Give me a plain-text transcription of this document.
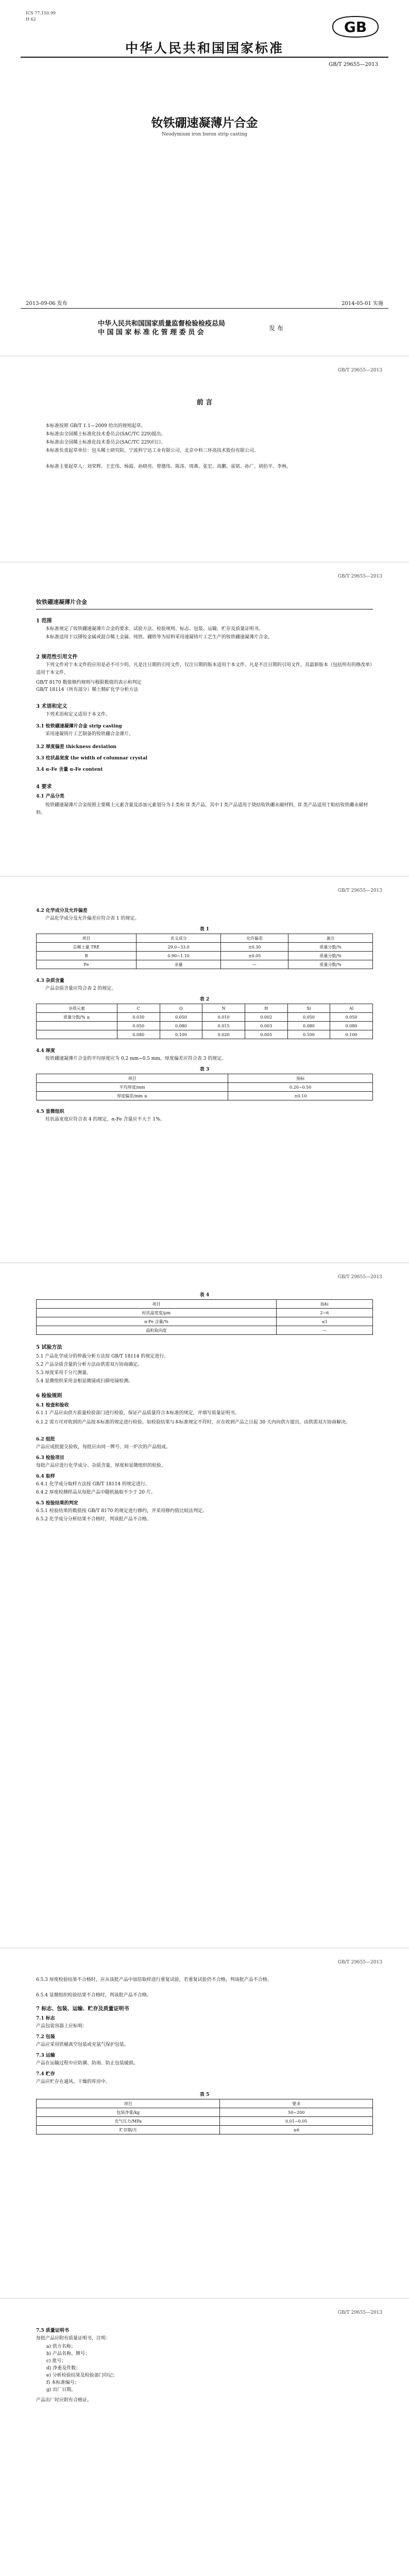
ICS 77.150.99
H 62	GB
中华人民共和国国家标准
GB/T 29655—2013
钕铁硼速凝薄片合金
Neodymium iron boron strip casting
2013-09-06 发布	2014-05-01 实施
中华人民共和国国家质量监督检验检疫总局
中 国 国 家 标 准 化 管 理 委 员 会
发 布
GB/T 29655—2013
前 言
本标准按照 GB/T 1.1—2009 给出的规则起草。
本标准由全国稀土标准化技术委员会(SAC/TC 229)提出。
本标准由全国稀土标准化技术委员会(SAC/TC 229)归口。
本标准负责起草单位：包头稀土研究院、宁波科宁达工业有限公司、北京中科三环高技术股份有限公司。
本标准主要起草人：刘荣辉、王宏伟、杨霞、孙晓亮、曾德伟、陈涛、周燕、张宏、高鹏、雷铭、孙广、胡伯平、李林。
GB/T 29655—2013
钕铁硼速凝薄片合金
1 范围
本标准规定了钕铁硼速凝薄片合金的要求、试验方法、检验规则、标志、包装、运输、贮存及质量证明书。
本标准适用于以镨钕金属或混合稀土金属、纯铁、硼铁等为原料采用速凝铸片工艺生产的钕铁硼速凝薄片合金。
2 规范性引用文件
下列文件对于本文件的应用是必不可少的。凡是注日期的引用文件，仅注日期的版本适用于本文件。凡是不注日期的引用文件，其最新版本（包括所有的修改单）适用于本文件。
GB/T 8170 数值修约规则与极限数值的表示和判定
GB/T 18114（所有部分）稀土精矿化学分析方法
3 术语和定义
下列术语和定义适用于本文件。
3.1 钕铁硼速凝薄片合金 strip casting
采用速凝铸片工艺制备的钕铁硼合金薄片。
3.2 厚度偏差 thickness deviation
3.3 柱状晶宽度 the width of columnar crystal
3.4 α-Fe 含量 α-Fe content
4 要求
4.1 产品分类
钕铁硼速凝薄片合金按照主要稀土元素含量及添加元素划分为 I 类和 II 类产品，其中 I 类产品适用于烧结钕铁硼永磁材料，II 类产品适用于粘结钕铁硼永磁材料。
GB/T 29655—2013
4.2 化学成分及允许偏差
产品化学成分及允许偏差应符合表 1 的规定。
表 1
项目	名义成分	允许偏差	备注
总稀土量 TRE	29.0~33.0	±0.30	质量分数/%
B	0.90~1.10	±0.05	质量分数/%
Fe	余量	—	质量分数/%
4.3 杂质含量
产品杂质含量应符合表 2 的规定。
表 2
杂质元素	C	O	N	H	Si	Al
质量分数/% ≤	0.030	0.050	0.010	0.002	0.050	0.050
	0.050	0.080	0.015	0.003	0.080	0.080
	0.080	0.100	0.020	0.005	0.100	0.100
4.4 厚度
钕铁硼速凝薄片合金的平均厚度应为 0.2 mm~0.5 mm，厚度偏差应符合表 3 的规定。
表 3
项目	指标
平均厚度/mm	0.20~0.50
厚度偏差/mm ≤	±0.10
4.5 显微组织
柱状晶宽度应符合表 4 的规定，α-Fe 含量应不大于 1%。
GB/T 29655—2013
表 4
项目	指标
柱状晶宽度/μm	2~6
α-Fe 含量/%	≤1
晶粒取向度	—
5 试验方法
5.1 产品化学成分的仲裁分析方法按 GB/T 18114 的规定进行。
5.2 产品杂质含量的分析方法由供需双方协商确定。
5.3 厚度采用千分尺测量。
5.4 显微组织采用金相显微镜或扫描电镜检测。
6 检验规则
6.1 检查和验收
6.1.1 产品应由供方质量检验部门进行检验，保证产品质量符合本标准的规定，并填写质量证明书。
6.1.2 需方可对收到的产品按本标准的规定进行检验。如检验结果与本标准规定不符时，应在收到产品之日起 30 天内向供方提出，由供需双方协商解决。
6.2 组批
产品应成批提交验收，每批应由同一牌号、同一炉次的产品组成。
6.3 检验项目
每批产品应进行化学成分、杂质含量、厚度和显微组织的检验。
6.4 取样
6.4.1 化学成分取样方法按 GB/T 18114 的规定进行。
6.4.2 厚度检测样品从每批产品中随机抽取不少于 20 片。
6.5 检验结果的判定
6.5.1 检验结果的数值按 GB/T 8170 的规定进行修约，并采用修约值比较法判定。
6.5.2 化学成分分析结果不合格时，判该批产品不合格。
GB/T 29655—2013
6.5.3 厚度检验结果不合格时，应从该批产品中加倍取样进行重复试验，若重复试验仍不合格，判该批产品不合格。
6.5.4 显微组织检验结果不合格时，判该批产品不合格。
7 标志、包装、运输、贮存及质量证明书
7.1 标志
产品包装容器上应标明：
7.2 包装
产品应采用铁桶真空包装或充氩气保护包装。
7.3 运输
产品在运输过程中应防潮、防雨、防止包装破损。
7.4 贮存
产品应贮存在通风、干燥的库房中。
表 5
项目	要求
包装净重/kg	50~200
充气压力/MPa	0.01~0.05
贮存期/月	≤6
GB/T 29655—2013
7.5 质量证明书
每批产品应附有质量证明书，注明：
a) 供方名称；
b) 产品名称、牌号；
c) 批号；
d) 净重及件数；
e) 分析检验结果及检验部门印记；
f) 本标准编号；
g) 出厂日期。
产品出厂时应附有合格证。
